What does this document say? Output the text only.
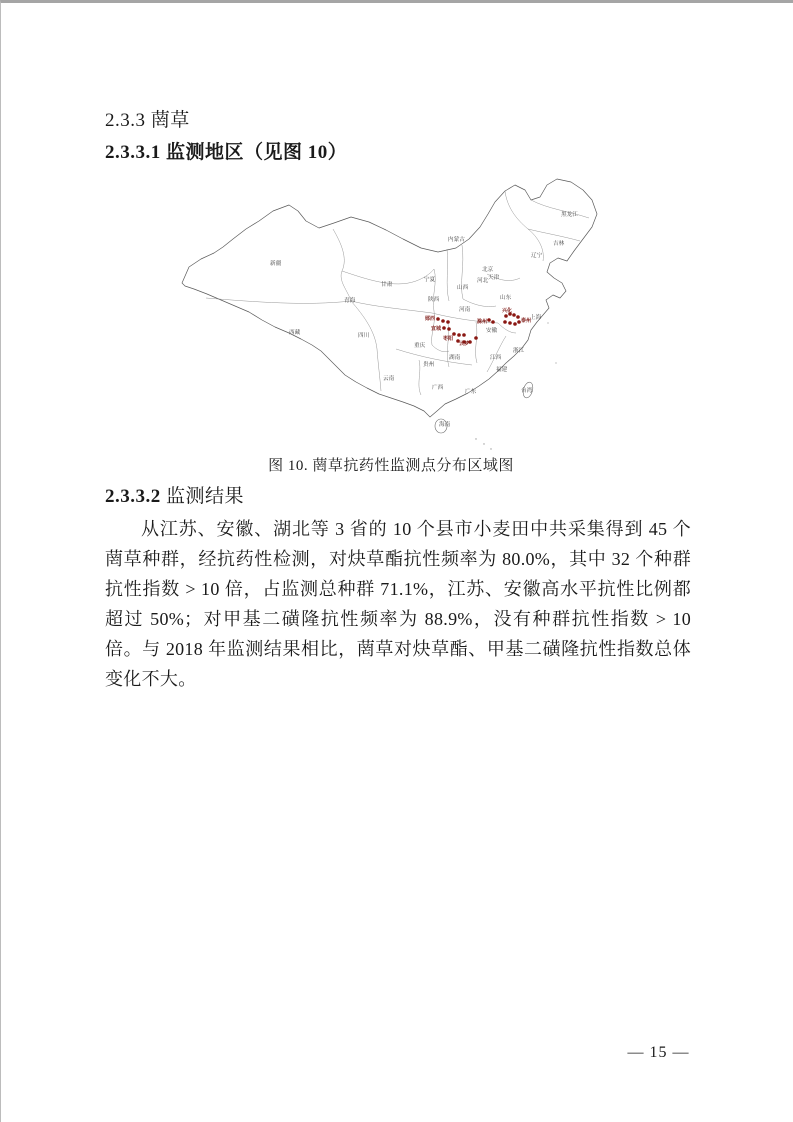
2.3.3 菵草
2.3.3.1 监测地区（见图 10）
新疆
西藏
青海
甘肃
宁夏
陕西
四川
重庆
云南
贵州
广西
广东
湖南	江西
福建
浙江
台湾
海南
山西
河北
山东
河南
安徽
内蒙古
黑龙江
吉林
辽宁
北京
天津
上海
郧西
宜城
枣阳
云梦
滁州
兴化
泰州
图 10. 菵草抗药性监测点分布区域图
2.3.3.2 监测结果
从江苏、安徽、湖北等 3 省的 10 个县市小麦田中共采集得到 45 个菵草种群，经抗药性检测，对炔草酯抗性频率为 80.0%，其中 32 个种群抗性指数 > 10 倍，占监测总种群 71.1%，江苏、安徽高水平抗性比例都超过 50%；对甲基二磺隆抗性频率为 88.9%，没有种群抗性指数 > 10 倍。与 2018 年监测结果相比，菵草对炔草酯、甲基二磺隆抗性指数总体变化不大。
— 15 —
